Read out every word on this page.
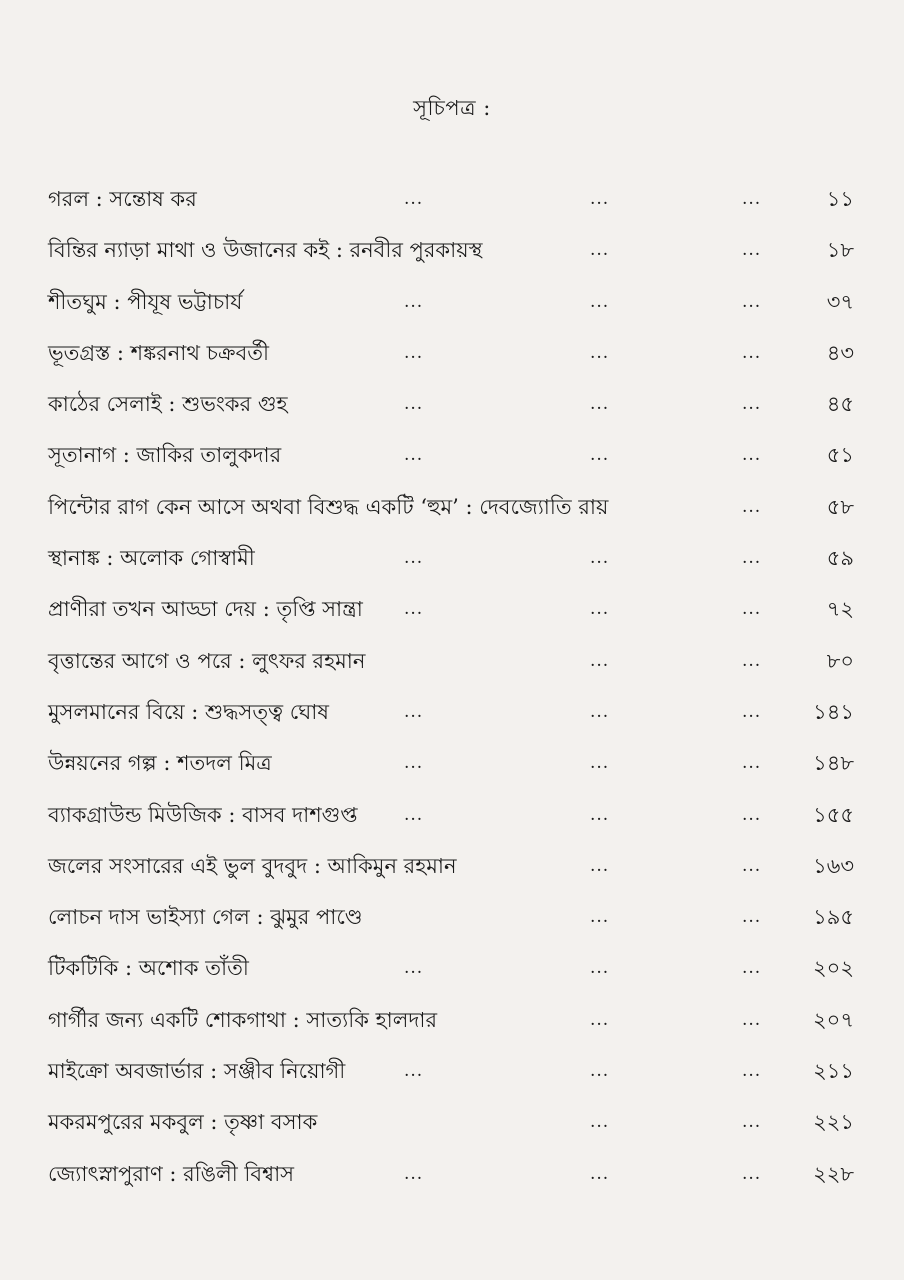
সূচিপত্র :
গরল : সন্তোষ কর	...	...	...	১১
বিন্তির ন্যাড়া মাথা ও উজানের কই : রনবীর পুরকায়স্থ	...	...	১৮
শীতঘুম : পীযূষ ভট্টাচার্য	...	...	...	৩৭
ভূতগ্রস্ত : শঙ্করনাথ চক্রবর্তী	...	...	...	৪৩
কাঠের সেলাই : শুভংকর গুহ	...	...	...	৪৫
সূতানাগ : জাকির তালুকদার	...	...	...	৫১
পিন্টোর রাগ কেন আসে অথবা বিশুদ্ধ একটি ‘হুম’ : দেবজ্যোতি রায়	...	৫৮
স্থানাঙ্ক : অলোক গোস্বামী	...	...	...	৫৯
প্রাণীরা তখন আড্ডা দেয় : তৃপ্তি সান্ত্রা ...	...	...	৭২
বৃত্তান্তের আগে ও পরে : লুৎফর রহমান	...	...	৮০
মুসলমানের বিয়ে : শুদ্ধসত্ত্ব ঘোষ	...	...	... ১৪১
উন্নয়নের গল্প : শতদল মিত্র	...	...	... ১৪৮
ব্যাকগ্রাউন্ড মিউজিক : বাসব দাশগুপ্ত	...	...	... ১৫৫
জলের সংসারের এই ভুল বুদবুদ : আকিমুন রহমান	...	... ১৬৩
লোচন দাস ভাইস্যা গেল : ঝুমুর পাণ্ডে	...	... ১৯৫
টিকটিকি : অশোক তাঁতী	...	...	... ২০২
গার্গীর জন্য একটি শোকগাথা : সাত্যকি হালদার	...	... ২০৭
মাইক্রো অবজার্ভার : সঞ্জীব নিয়োগী	...	...	... ২১১
মকরমপুরের মকবুল : তৃষ্ণা বসাক	...	... ২২১
জ্যোৎস্নাপুরাণ : রঙিলী বিশ্বাস	...	...	... ২২৮
